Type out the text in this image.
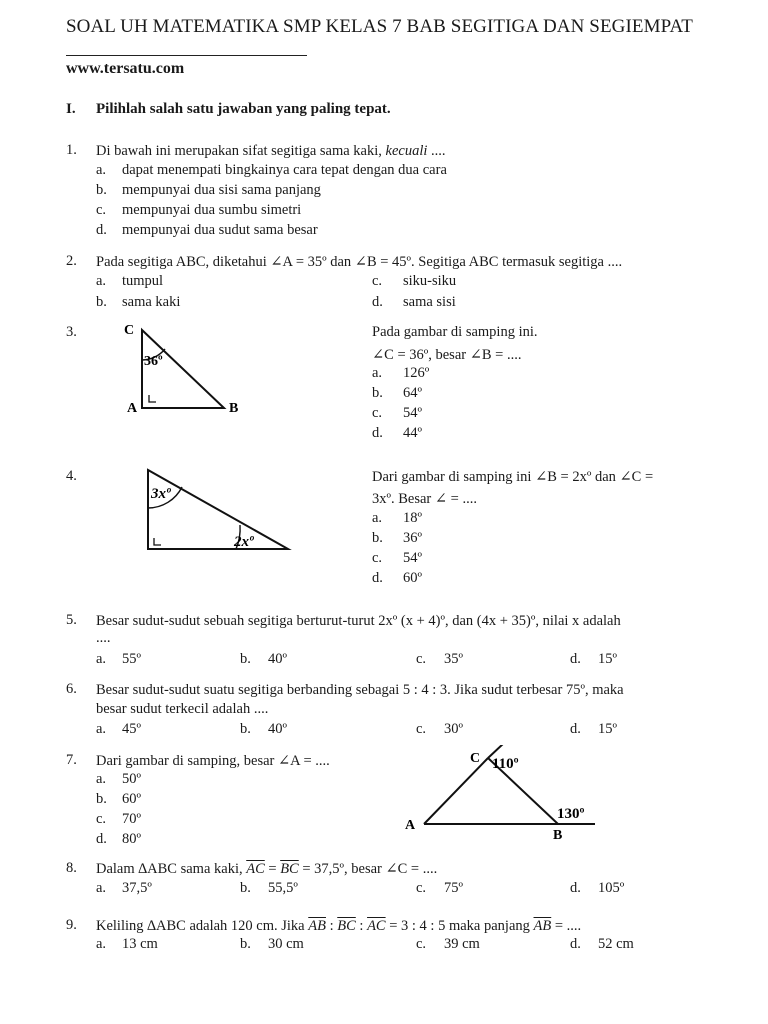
SOAL UH MATEMATIKA SMP KELAS 7 BAB SEGITIGA DAN SEGIEMPAT
www.tersatu.com
I. Pilihlah salah satu jawaban yang paling tepat.
1. Di bawah ini merupakan sifat segitiga sama kaki, kecuali ....
a. dapat menempati bingkainya cara tepat dengan dua cara
b. mempunyai dua sisi sama panjang
c. mempunyai dua sumbu simetri
d. mempunyai dua sudut sama besar
2. Pada segitiga ABC, diketahui ∠A = 35º dan ∠B = 45º. Segitiga ABC termasuk segitiga ....
a. tumpul
b. sama kaki
c. siku-siku
d. sama sisi
3.	C
36º
A	B
Pada gambar di samping ini.
∠C = 36º, besar ∠B = ....
a. 126º
b. 64º
c. 54º
d. 44º
4.
3xº
2xº
Dari gambar di samping ini ∠B = 2xº dan ∠C =
3xº. Besar ∠ = ....
a. 18º
b. 36º
c. 54º
d. 60º
5. Besar sudut-sudut sebuah segitiga berturut-turut 2xº (x + 4)º, dan (4x + 35)º, nilai x adalah
....
a. 55º	b. 40º	c. 35º	d. 15º
6. Besar sudut-sudut suatu segitiga berbanding sebagai 5 : 4 : 3. Jika sudut terbesar 75º, maka
besar sudut terkecil adalah ....
a. 45º	b. 40º	c. 30º	d. 15º
7. Dari gambar di samping, besar ∠A = ....
a. 50º
b. 60º
c. 70º
d. 80º
C 110º
130º
A
B
8. Dalam ∆ABC sama kaki, $\overline{AC} = \overline{BC}$ = 37,5º, besar ∠C = ....
a. 37,5º	b. 55,5º	c. 75º	d. 105º
9. Keliling ∆ABC adalah 120 cm. Jika $\overline{AB}$ : $\overline{BC}$ : $\overline{AC} = 3$ : 4 : 5 maka panjang $\overline{AB}$ = ....
a. 13 cm	b. 30 cm	c. 39 cm	d. 52 cm
